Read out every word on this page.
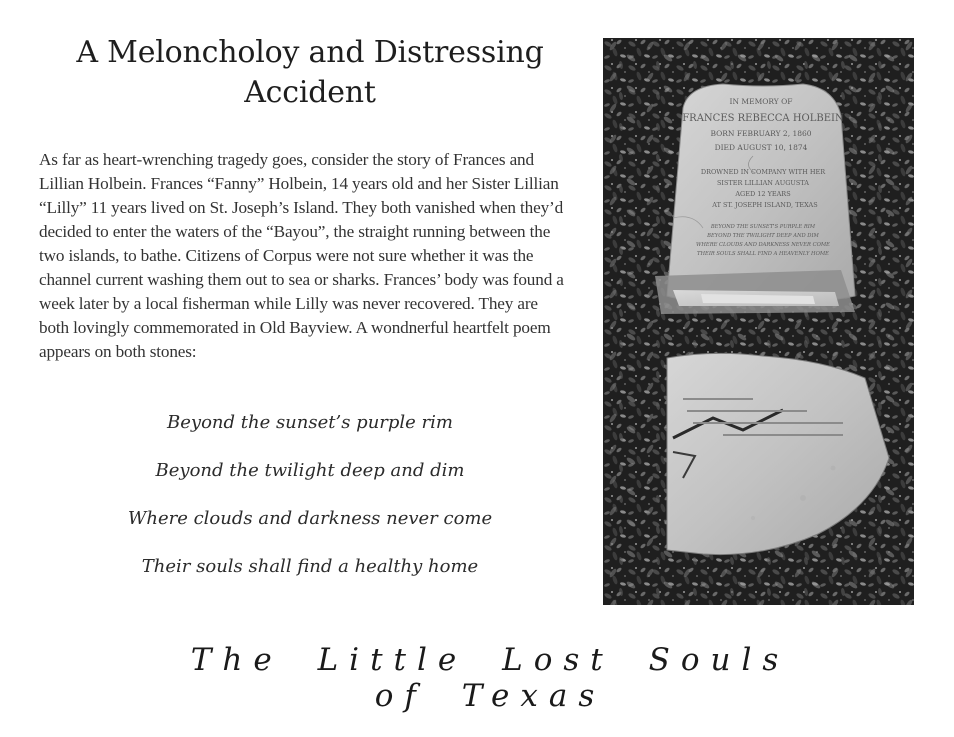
A Meloncholoy and Distressing Accident

As far as heart-wrenching tragedy goes, consider the story of Frances and Lillian Holbein. Frances “Fanny” Holbein, 14 years old and her Sister Lillian “Lilly” 11 years lived on St. Joseph’s Island. They both vanished when they’d decided to enter the waters of the “Bayou”, the straight running between the two islands, to bathe. Citizens of Corpus were not sure whether it was the channel current washing them out to sea or sharks. Frances’ body was found a week later by a local fisherman while Lilly was never recovered. They are both lovingly commemorated in Old Bayview. A wondnerful heartfelt poem appears on both stones:

Beyond the sunset’s purple rim
Beyond the twilight deep and dim
Where clouds and darkness never come
Their souls shall find a healthy home
IN MEMORY OF
FRANCES REBECCA HOLBEIN
BORN FEBRUARY 2, 1860
DIED AUGUST 10, 1874
DROWNED IN COMPANY WITH HER
SISTER LILLIAN AUGUSTA
AGED 12 YEARS
AT ST. JOSEPH ISLAND, TEXAS
BEYOND THE SUNSET'S PURPLE RIM
BEYOND THE TWILIGHT DEEP AND DIM
WHERE CLOUDS AND DARKNESS NEVER COME
THEIR SOULS SHALL FIND A HEAVENLY HOME
The Little Lost Souls of Texas
